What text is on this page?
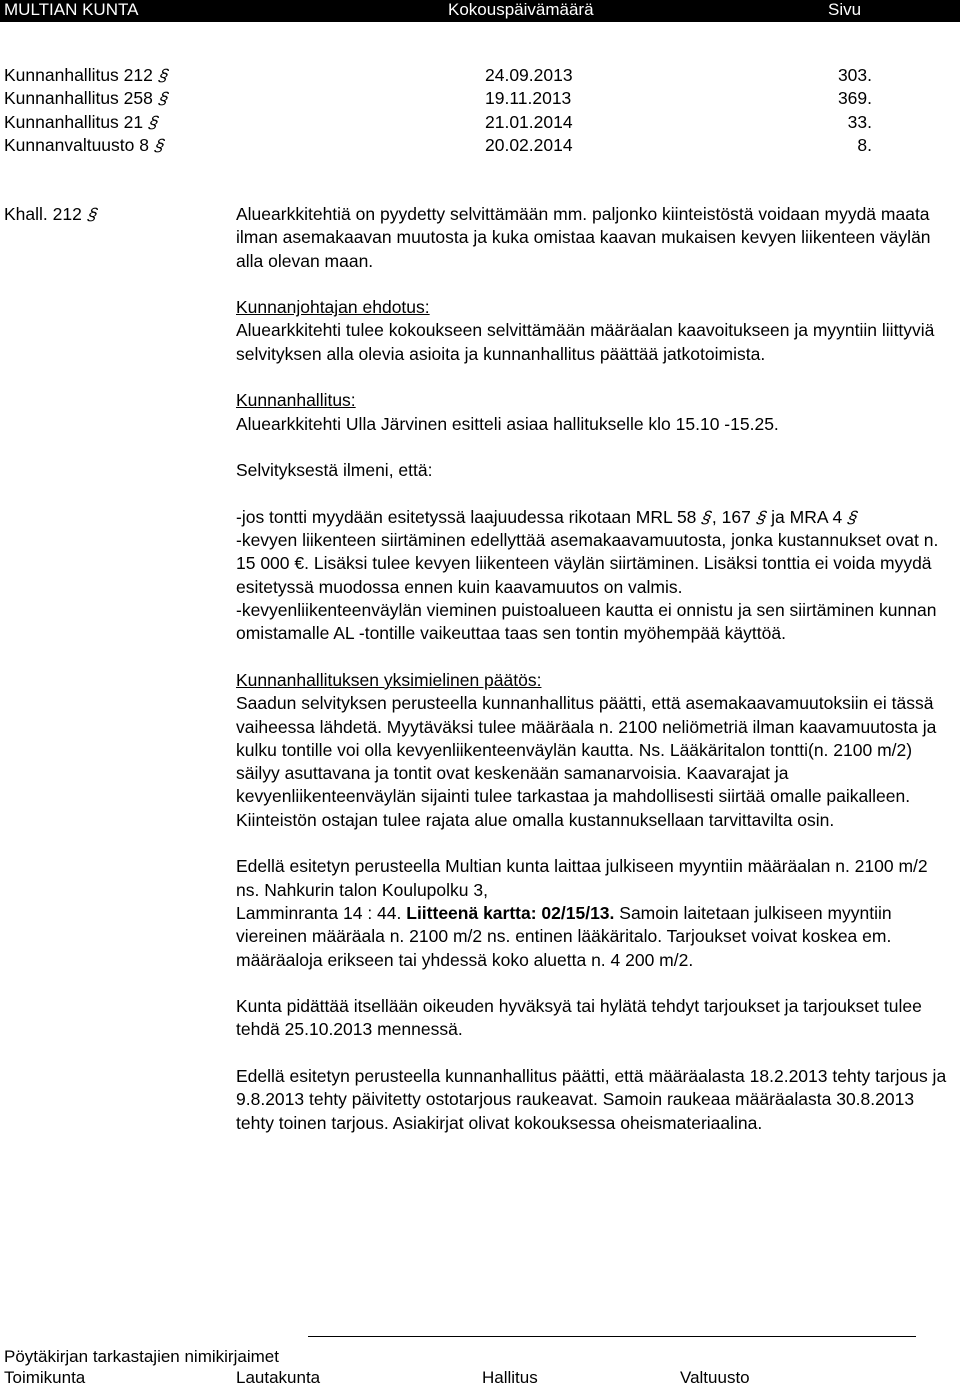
MULTIAN KUNTA	Kokouspäivämäärä	Sivu
Kunnanhallitus 212 §	24.09.2013	303.
Kunnanhallitus 258 §	19.11.2013	369.
Kunnanhallitus 21 §	21.01.2014	33.
Kunnanvaltuusto 8 §	20.02.2014	8.
Khall. 212 §	Aluearkkitehtiä on pyydetty selvittämään mm. paljonko kiinteistöstä voidaan myydä maata ilman asemakaavan muutosta ja kuka omistaa kaavan mukaisen kevyen liikenteen väylän alla olevan maan.

Kunnanjohtajan ehdotus:

Aluearkkitehti tulee kokoukseen selvittämään määräalan kaavoitukseen ja myyntiin liittyviä selvityksen alla olevia asioita ja kunnanhallitus päättää jatkotoimista.

Kunnanhallitus:

Aluearkkitehti Ulla Järvinen esitteli asiaa hallitukselle klo 15.10 -15.25.

Selvityksestä ilmeni, että:

-jos tontti myydään esitetyssä laajuudessa rikotaan MRL 58 §, 167 § ja MRA 4 §

-kevyen liikenteen siirtäminen edellyttää asemakaavamuutosta, jonka kustannukset ovat n. 15 000 €. Lisäksi tulee kevyen liikenteen väylän siirtäminen. Lisäksi tonttia ei voida myydä esitetyssä muodossa ennen kuin kaavamuutos on valmis.

-kevyenliikenteenväylän vieminen puistoalueen kautta ei onnistu ja sen siirtäminen kunnan omistamalle AL -tontille vaikeuttaa taas sen tontin myöhempää käyttöä.

Kunnanhallituksen yksimielinen päätös:

Saadun selvityksen perusteella kunnanhallitus päätti, että asemakaavamuutoksiin ei tässä vaiheessa lähdetä. Myytäväksi tulee määräala n. 2100 neliömetriä ilman kaavamuutosta ja kulku tontille voi olla kevyenliikenteenväylän kautta. Ns. Lääkäritalon tontti(n. 2100 m/2) säilyy asuttavana ja tontit ovat keskenään samanarvoisia. Kaavarajat ja kevyenliikenteenväylän sijainti tulee tarkastaa ja mahdollisesti siirtää omalle paikalleen. Kiinteistön ostajan tulee rajata alue omalla kustannuksellaan tarvittavilta osin.

Edellä esitetyn perusteella Multian kunta laittaa julkiseen myyntiin määräalan n. 2100 m/2 ns. Nahkurin talon Koulupolku 3,
Lamminranta 14 : 44. Liitteenä kartta: 02/15/13. Samoin laitetaan julkiseen myyntiin viereinen määräala n. 2100 m/2 ns. entinen lääkäritalo. Tarjoukset voivat koskea em. määräaloja erikseen tai yhdessä koko aluetta n. 4 200 m/2.

Kunta pidättää itsellään oikeuden hyväksyä tai hylätä tehdyt tarjoukset ja tarjoukset tulee tehdä 25.10.2013 mennessä.

Edellä esitetyn perusteella kunnanhallitus päätti, että määräalasta 18.2.2013 tehty tarjous ja 9.8.2013 tehty päivitetty ostotarjous raukeavat. Samoin raukeaa määräalasta 30.8.2013 tehty toinen tarjous. Asiakirjat olivat kokouksessa oheismateriaalina.

Pöytäkirjan tarkastajien nimikirjaimet
Toimikunta	Lautakunta	Hallitus	Valtuusto
